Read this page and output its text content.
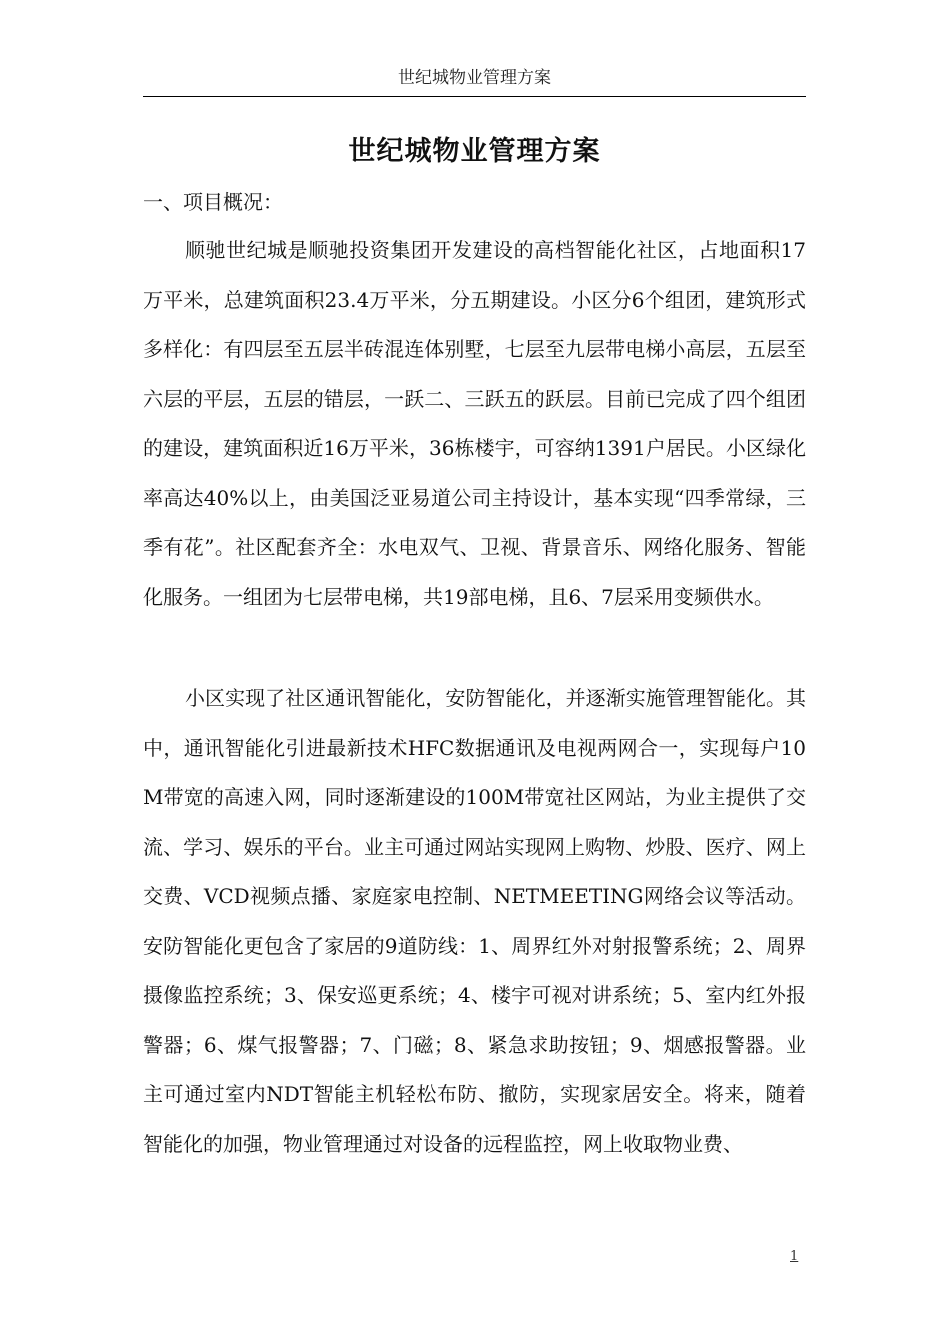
世纪城物业管理方案
世纪城物业管理方案
一、项目概况：

顺驰世纪城是顺驰投资集团开发建设的高档智能化社区，占地面积17万平米，总建筑面积23.4万平米，分五期建设。小区分6个组团，建筑形式多样化：有四层至五层半砖混连体别墅，七层至九层带电梯小高层，五层至六层的平层，五层的错层，一跃二、三跃五的跃层。目前已完成了四个组团的建设，建筑面积近16万平米，36栋楼宇，可容纳1391户居民。小区绿化率高达40%以上，由美国泛亚易道公司主持设计，基本实现“四季常绿，三季有花”。社区配套齐全：水电双气、卫视、背景音乐、网络化服务、智能化服务。一组团为七层带电梯，共19部电梯，且6、7层采用变频供水。

小区实现了社区通讯智能化，安防智能化，并逐渐实施管理智能化。其中，通讯智能化引进最新技术HFC数据通讯及电视两网合一，实现每户10M带宽的高速入网，同时逐渐建设的100M带宽社区网站，为业主提供了交流、学习、娱乐的平台。业主可通过网站实现网上购物、炒股、医疗、网上交费、VCD视频点播、家庭家电控制、NETMEETING网络会议等活动。安防智能化更包含了家居的9道防线：1、周界红外对射报警系统；2、周界摄像监控系统；3、保安巡更系统；4、楼宇可视对讲系统；5、室内红外报警器；6、煤气报警器；7、门磁；8、紧急求助按钮；9、烟感报警器。业主可通过室内NDT智能主机轻松布防、撤防，实现家居安全。将来，随着智能化的加强，物业管理通过对设备的远程监控，网上收取物业费、

1
